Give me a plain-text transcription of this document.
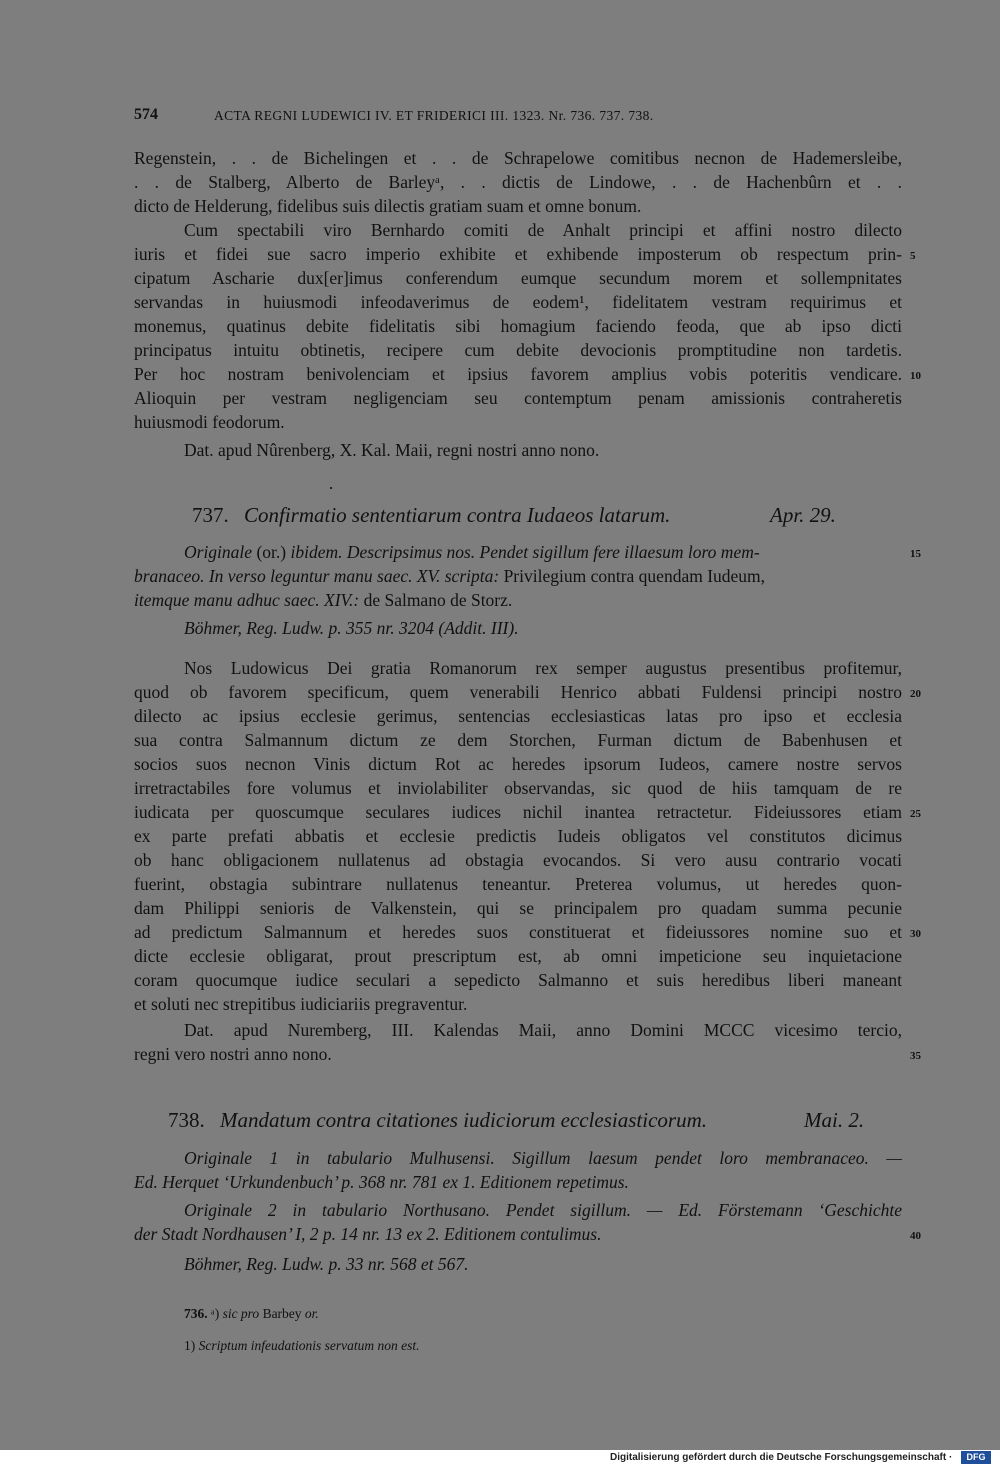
574	ACTA REGNI LUDEWICI IV. ET FRIDERICI III. 1323. Nr. 736. 737. 738.
Regenstein, . . de Bichelingen et . . de Schrapelowe comitibus necnon de Hademersleibe,
. . de Stalberg, Alberto de Barleyᵃ, . . dictis de Lindowe, . . de Hachenbûrn et . .
dicto de Helderung, fidelibus suis dilectis gratiam suam et omne bonum.
Cum spectabili viro Bernhardo comiti de Anhalt principi et affini nostro dilecto
iuris et fidei sue sacro imperio exhibite et exhibende imposterum ob respectum prin- 5
cipatum Ascharie dux[er]imus conferendum eumque secundum morem et sollempnitates
servandas in huiusmodi infeodaverimus de eodem¹, fidelitatem vestram requirimus et
monemus, quatinus debite fidelitatis sibi homagium faciendo feoda, que ab ipso dicti
principatus intuitu obtinetis, recipere cum debite devocionis promptitudine non tardetis.
Per hoc nostram benivolenciam et ipsius favorem amplius vobis poteritis vendicare. 10
Alioquin per vestram negligenciam seu contemptum penam amissionis contraheretis
huiusmodi feodorum.
Dat. apud Nûrenberg, X. Kal. Maii, regni nostri anno nono.
737. Confirmatio sententiarum contra Iudaeos latarum.	Apr. 29.
Originale (or.) ibidem. Descripsimus nos. Pendet sigillum fere illaesum loro mem-	15
branaceo. In verso leguntur manu saec. XV. scripta: Privilegium contra quendam Iudeum,
itemque manu adhuc saec. XIV.: de Salmano de Storz.
Böhmer, Reg. Ludw. p. 355 nr. 3204 (Addit. III).
Nos Ludowicus Dei gratia Romanorum rex semper augustus presentibus profitemur,
quod ob favorem specificum, quem venerabili Henrico abbati Fuldensi principi nostro 20
dilecto ac ipsius ecclesie gerimus, sentencias ecclesiasticas latas pro ipso et ecclesia
sua contra Salmannum dictum ze dem Storchen, Furman dictum de Babenhusen et
socios suos necnon Vinis dictum Rot ac heredes ipsorum Iudeos, camere nostre servos
irretractabiles fore volumus et inviolabiliter observandas, sic quod de hiis tamquam de re
iudicata per quoscumque seculares iudices nichil inantea retractetur. Fideiussores etiam 25
ex parte prefati abbatis et ecclesie predictis Iudeis obligatos vel constitutos dicimus
ob hanc obligacionem nullatenus ad obstagia evocandos. Si vero ausu contrario vocati
fuerint, obstagia subintrare nullatenus teneantur. Preterea volumus, ut heredes quon-
dam Philippi senioris de Valkenstein, qui se principalem pro quadam summa pecunie
ad predictum Salmannum et heredes suos constituerat et fideiussores nomine suo et 30
dicte ecclesie obligarat, prout prescriptum est, ab omni impeticione seu inquietacione
coram quocumque iudice seculari a sepedicto Salmanno et suis heredibus liberi maneant
et soluti nec strepitibus iudiciariis pregraventur.
Dat. apud Nuremberg, III. Kalendas Maii, anno Domini MCCC vicesimo tercio,
regni vero nostri anno nono.	35
738. Mandatum contra citationes iudiciorum ecclesiasticorum.	Mai. 2.
Originale 1 in tabulario Mulhusensi. Sigillum laesum pendet loro membranaceo. —
Ed. Herquet ‘Urkundenbuch’ p. 368 nr. 781 ex 1. Editionem repetimus.
Originale 2 in tabulario Northusano. Pendet sigillum. — Ed. Förstemann ‘Geschichte
der Stadt Nordhausen’ I, 2 p. 14 nr. 13 ex 2. Editionem contulimus.	40
Böhmer, Reg. Ludw. p. 33 nr. 568 et 567.
736. ᵃ) sic pro Barbey or.
1) Scriptum infeudationis servatum non est.
Digitalisierung gefördert durch die Deutsche Forschungsgemeinschaft ·	DFG
